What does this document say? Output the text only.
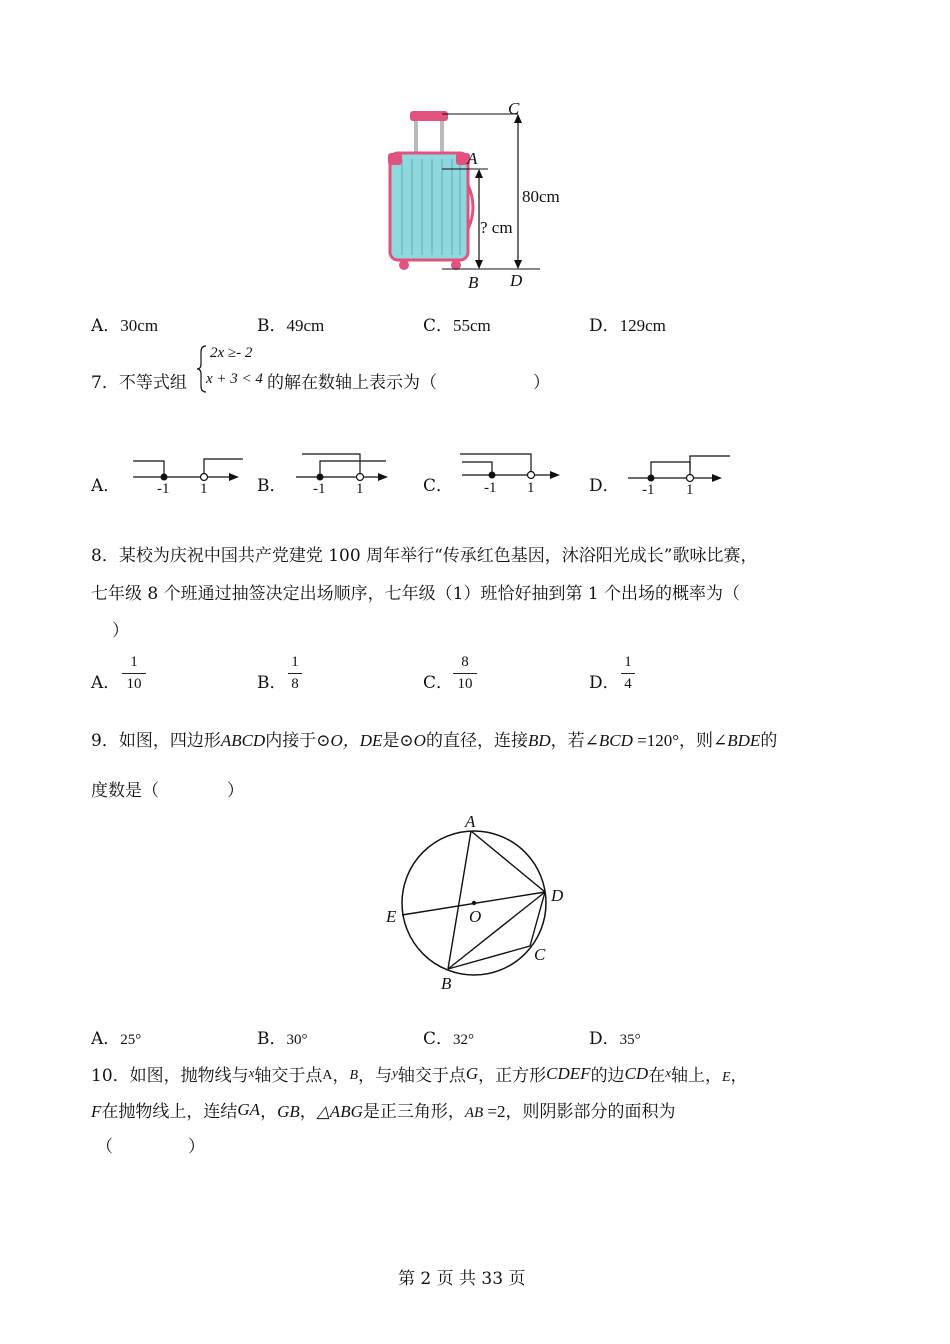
C
A
80cm
? cm
B D
A．30cm	B．49cm	C．55cm	D．129cm
7．不等式组
2x ≥- 2
x + 3 < 4 的解在数轴上表示为（	）
A． -1 1	B． -1 1	C． -1 1	D． -1 1
8．某校为庆祝中国共产党建党 100 周年举行“传承红色基因，沐浴阳光成长”歌咏比赛，
七年级 8 个班通过抽签决定出场顺序，七年级（1）班恰好抽到第 1 个出场的概率为（
）
A．
1
10	B．
1
8	C．
8
10	D．
1
4
9．如图，四边形ABCD内接于⊙O，DE是⊙O的直径，连接BD，若∠BCD =120°，则∠BDE的
度数是（	）
A
D
E	O
C
B
A．25°	B．30°	C．32°	D．35°
10．如图，抛物线与$^x$轴交于点A，B，与$^y$轴交于点G，正方形CDEF的边CD在$^x$轴上，E，
F在抛物线上，连结GA，GB，△ABG是正三角形，AB =2，则阴影部分的面积为
（	）
第 2 页 共 33 页
